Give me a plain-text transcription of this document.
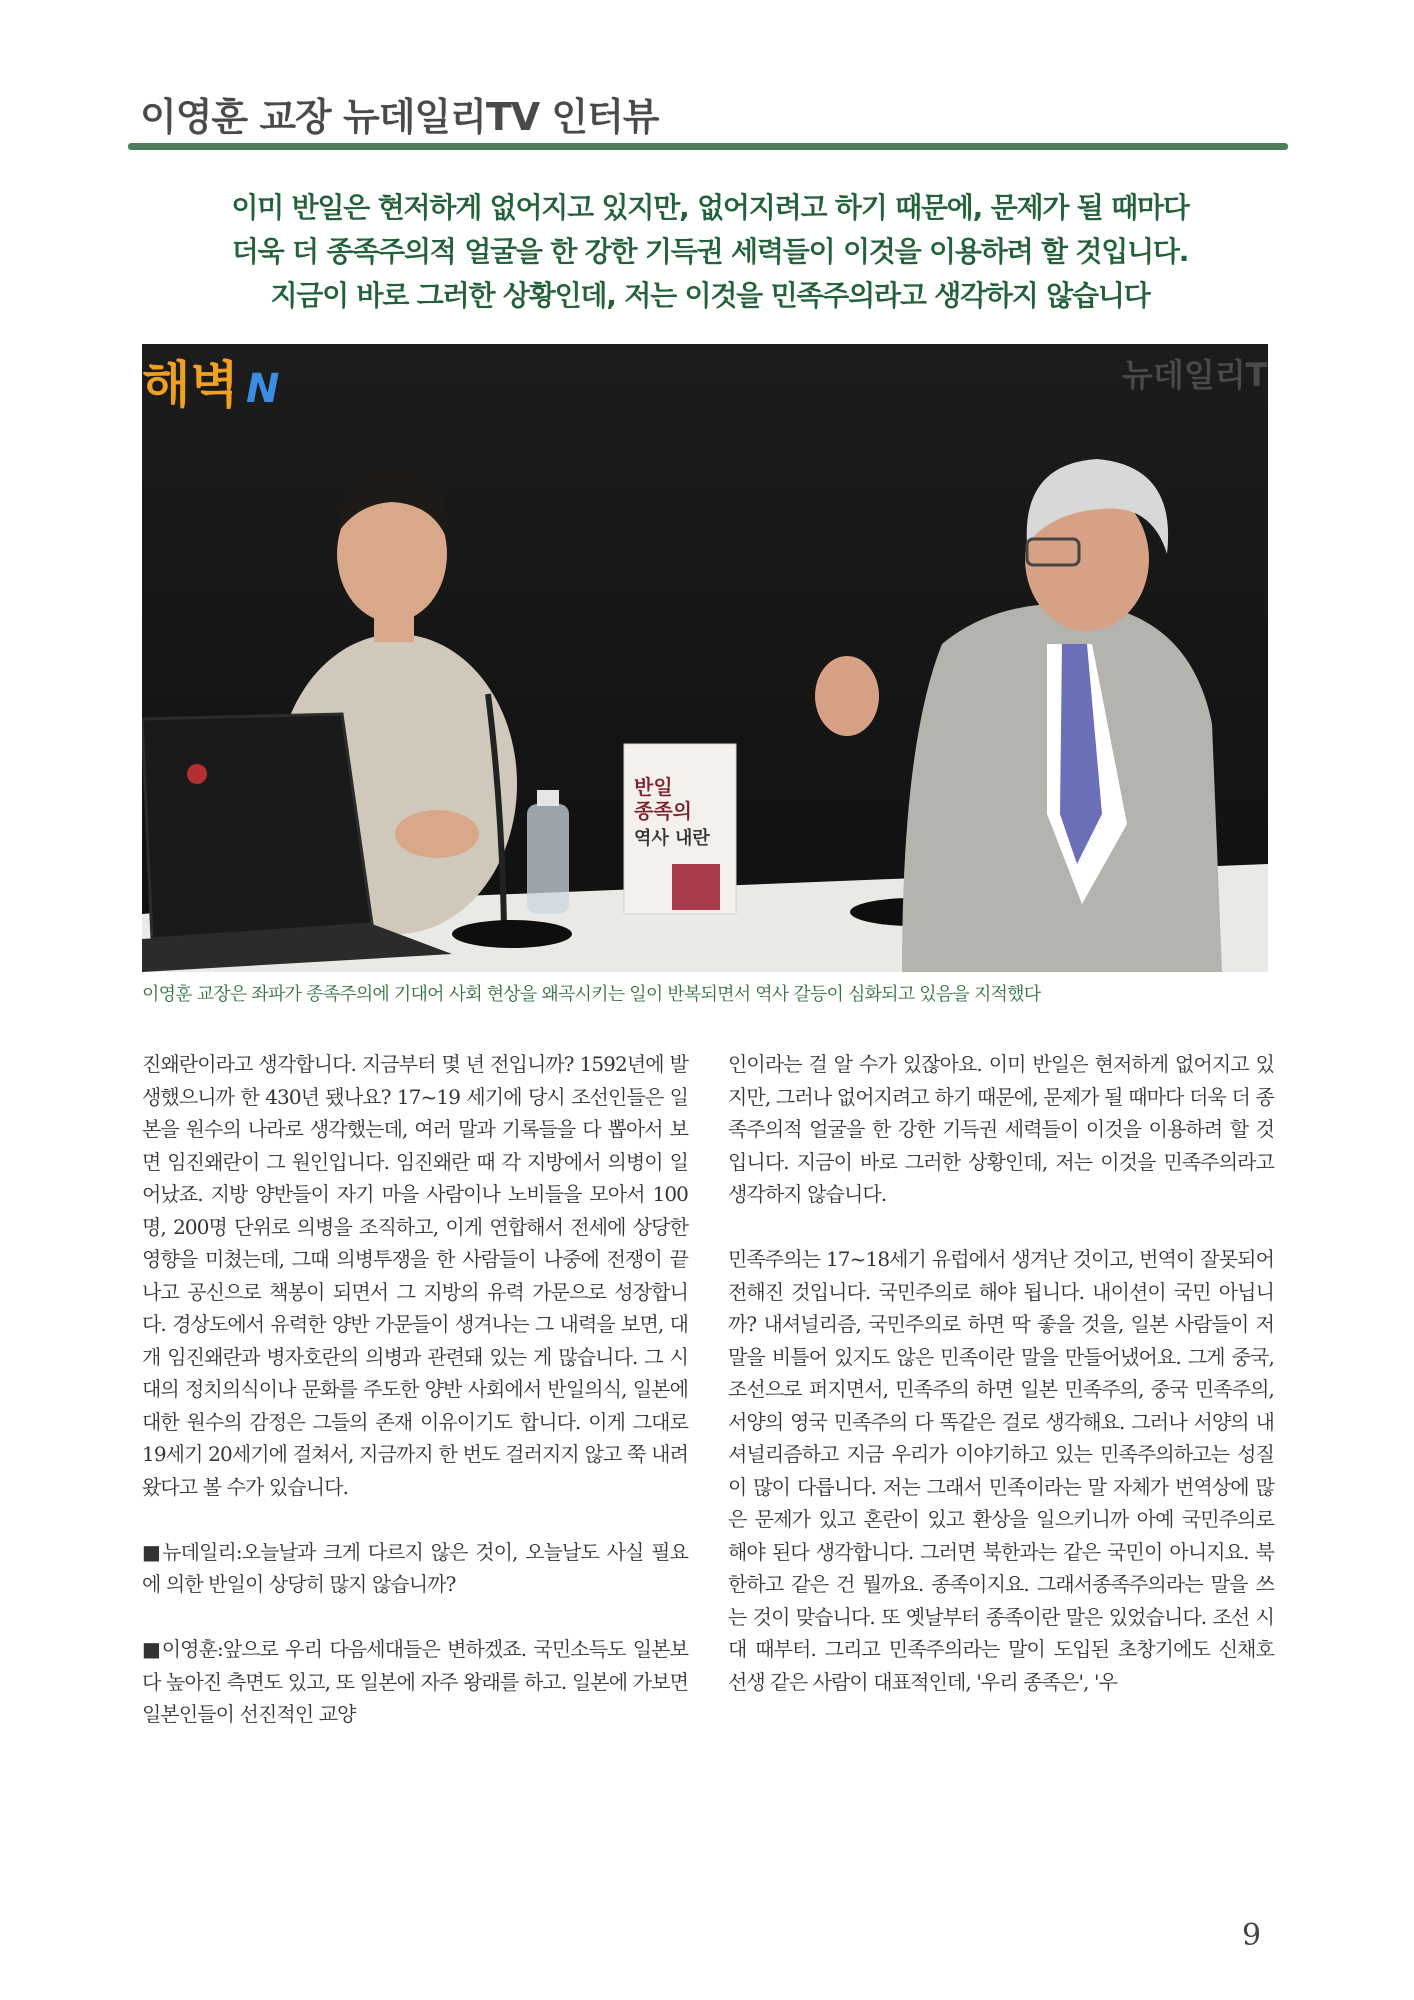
이영훈 교장 뉴데일리TV 인터뷰
이미 반일은 현저하게 없어지고 있지만, 없어지려고 하기 때문에, 문제가 될 때마다
더욱 더 종족주의적 얼굴을 한 강한 기득권 세력들이 이것을 이용하려 할 것입니다.
지금이 바로 그러한 상황인데, 저는 이것을 민족주의라고 생각하지 않습니다
해벽 N	뉴데일리T
반일
종족의
역사 내란
이영훈 교장은 좌파가 종족주의에 기대어 사회 현상을 왜곡시키는 일이 반복되면서 역사 갈등이 심화되고 있음을 지적했다

진왜란이라고 생각합니다. 지금부터 몇 년 전입니까? 1592년에 발생했으니까 한 430년 됐나요? 17~19 세기에 당시 조선인들은 일본을 원수의 나라로 생각했는데, 여러 말과 기록들을 다 뽑아서 보면 임진왜란이 그 원인입니다. 임진왜란 때 각 지방에서 의병이 일어났죠. 지방 양반들이 자기 마을 사람이나 노비들을 모아서 100명, 200명 단위로 의병을 조직하고, 이게 연합해서 전세에 상당한 영향을 미쳤는데, 그때 의병투쟁을 한 사람들이 나중에 전쟁이 끝나고 공신으로 책봉이 되면서 그 지방의 유력 가문으로 성장합니다. 경상도에서 유력한 양반 가문들이 생겨나는 그 내력을 보면, 대개 임진왜란과 병자호란의 의병과 관련돼 있는 게 많습니다. 그 시대의 정치의식이나 문화를 주도한 양반 사회에서 반일의식, 일본에 대한 원수의 감정은 그들의 존재 이유이기도 합니다. 이게 그대로 19세기 20세기에 걸쳐서, 지금까지 한 번도 걸러지지 않고 쭉 내려왔다고 볼 수가 있습니다.

■뉴데일리:오늘날과 크게 다르지 않은 것이, 오늘날도 사실 필요에 의한 반일이 상당히 많지 않습니까?

■이영훈:앞으로 우리 다음세대들은 변하겠죠. 국민소득도 일본보다 높아진 측면도 있고, 또 일본에 자주 왕래를 하고. 일본에 가보면 일본인들이 선진적인 교양

인이라는 걸 알 수가 있잖아요. 이미 반일은 현저하게 없어지고 있지만, 그러나 없어지려고 하기 때문에, 문제가 될 때마다 더욱 더 종족주의적 얼굴을 한 강한 기득권 세력들이 이것을 이용하려 할 것입니다. 지금이 바로 그러한 상황인데, 저는 이것을 민족주의라고 생각하지 않습니다.

민족주의는 17~18세기 유럽에서 생겨난 것이고, 번역이 잘못되어 전해진 것입니다. 국민주의로 해야 됩니다. 내이션이 국민 아닙니까? 내셔널리즘, 국민주의로 하면 딱 좋을 것을, 일본 사람들이 저 말을 비틀어 있지도 않은 민족이란 말을 만들어냈어요. 그게 중국, 조선으로 퍼지면서, 민족주의 하면 일본 민족주의, 중국 민족주의, 서양의 영국 민족주의 다 똑같은 걸로 생각해요. 그러나 서양의 내셔널리즘하고 지금 우리가 이야기하고 있는 민족주의하고는 성질이 많이 다릅니다. 저는 그래서 민족이라는 말 자체가 번역상에 많은 문제가 있고 혼란이 있고 환상을 일으키니까 아예 국민주의로 해야 된다 생각합니다. 그러면 북한과는 같은 국민이 아니지요. 북한하고 같은 건 뭘까요. 종족이지요. 그래서종족주의라는 말을 쓰는 것이 맞습니다. 또 옛날부터 종족이란 말은 있었습니다. 조선 시대 때부터. 그리고 민족주의라는 말이 도입된 초창기에도 신채호 선생 같은 사람이 대표적인데, '우리 종족은', '우

9
